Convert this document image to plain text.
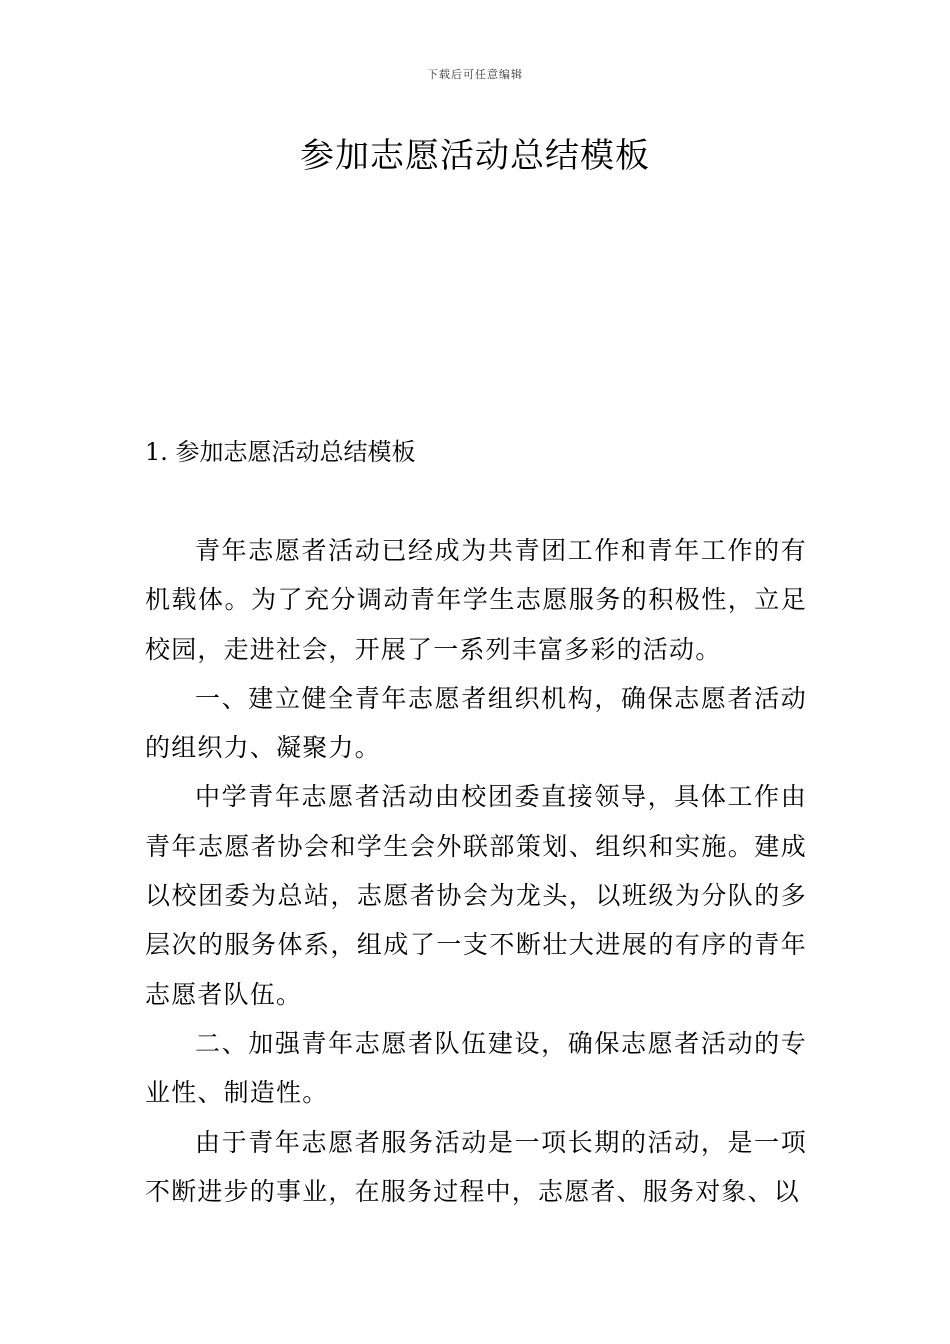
下载后可任意编辑
参加志愿活动总结模板
1. 参加志愿活动总结模板

青年志愿者活动已经成为共青团工作和青年工作的有机载体。为了充分调动青年学生志愿服务的积极性，立足校园，走进社会，开展了一系列丰富多彩的活动。

一、建立健全青年志愿者组织机构，确保志愿者活动的组织力、凝聚力。

中学青年志愿者活动由校团委直接领导，具体工作由青年志愿者协会和学生会外联部策划、组织和实施。建成以校团委为总站，志愿者协会为龙头，以班级为分队的多层次的服务体系，组成了一支不断壮大进展的有序的青年志愿者队伍。

二、加强青年志愿者队伍建设，确保志愿者活动的专业性、制造性。

由于青年志愿者服务活动是一项长期的活动，是一项不断进步的事业，在服务过程中，志愿者、服务对象、以
